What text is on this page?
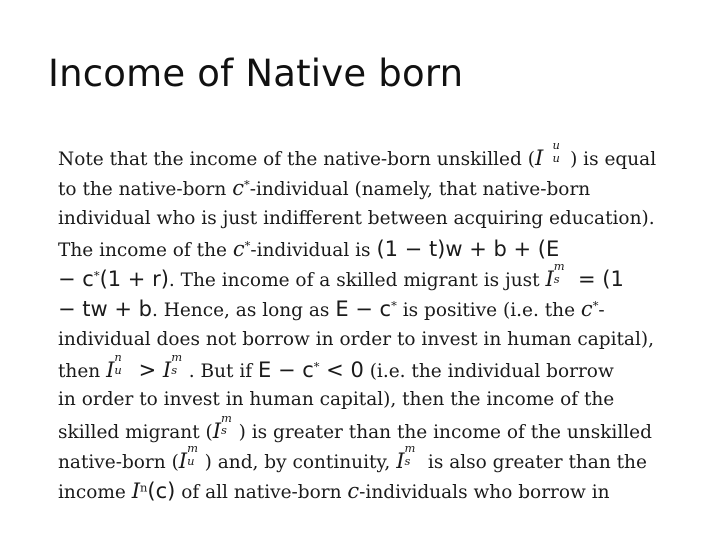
Income of Native born
Note that the income of the native-born unskilled (I
u
u ) is equal
to the native-born c*-individual (namely, that native-born
individual who is just indifferent between acquiring education).
The income of the c*-individual is (1 − t)w + b + (E
− c*(1 + r). The income of a skilled migrant is just I
m
s = (1
− tw + b. Hence, as long as E − c* is positive (i.e. the c*-
individual does not borrow in order to invest in human capital),
then I
n
u > I
m
s . But if E − c* < 0 (i.e. the individual borrow
in order to invest in human capital), then the income of the
skilled migrant (I
m
s ) is greater than the income of the unskilled
native-born (I
m
u ) and, by continuity, I
m
s is also greater than the
income $I^n(c)$ of all native-born c-individuals who borrow in
